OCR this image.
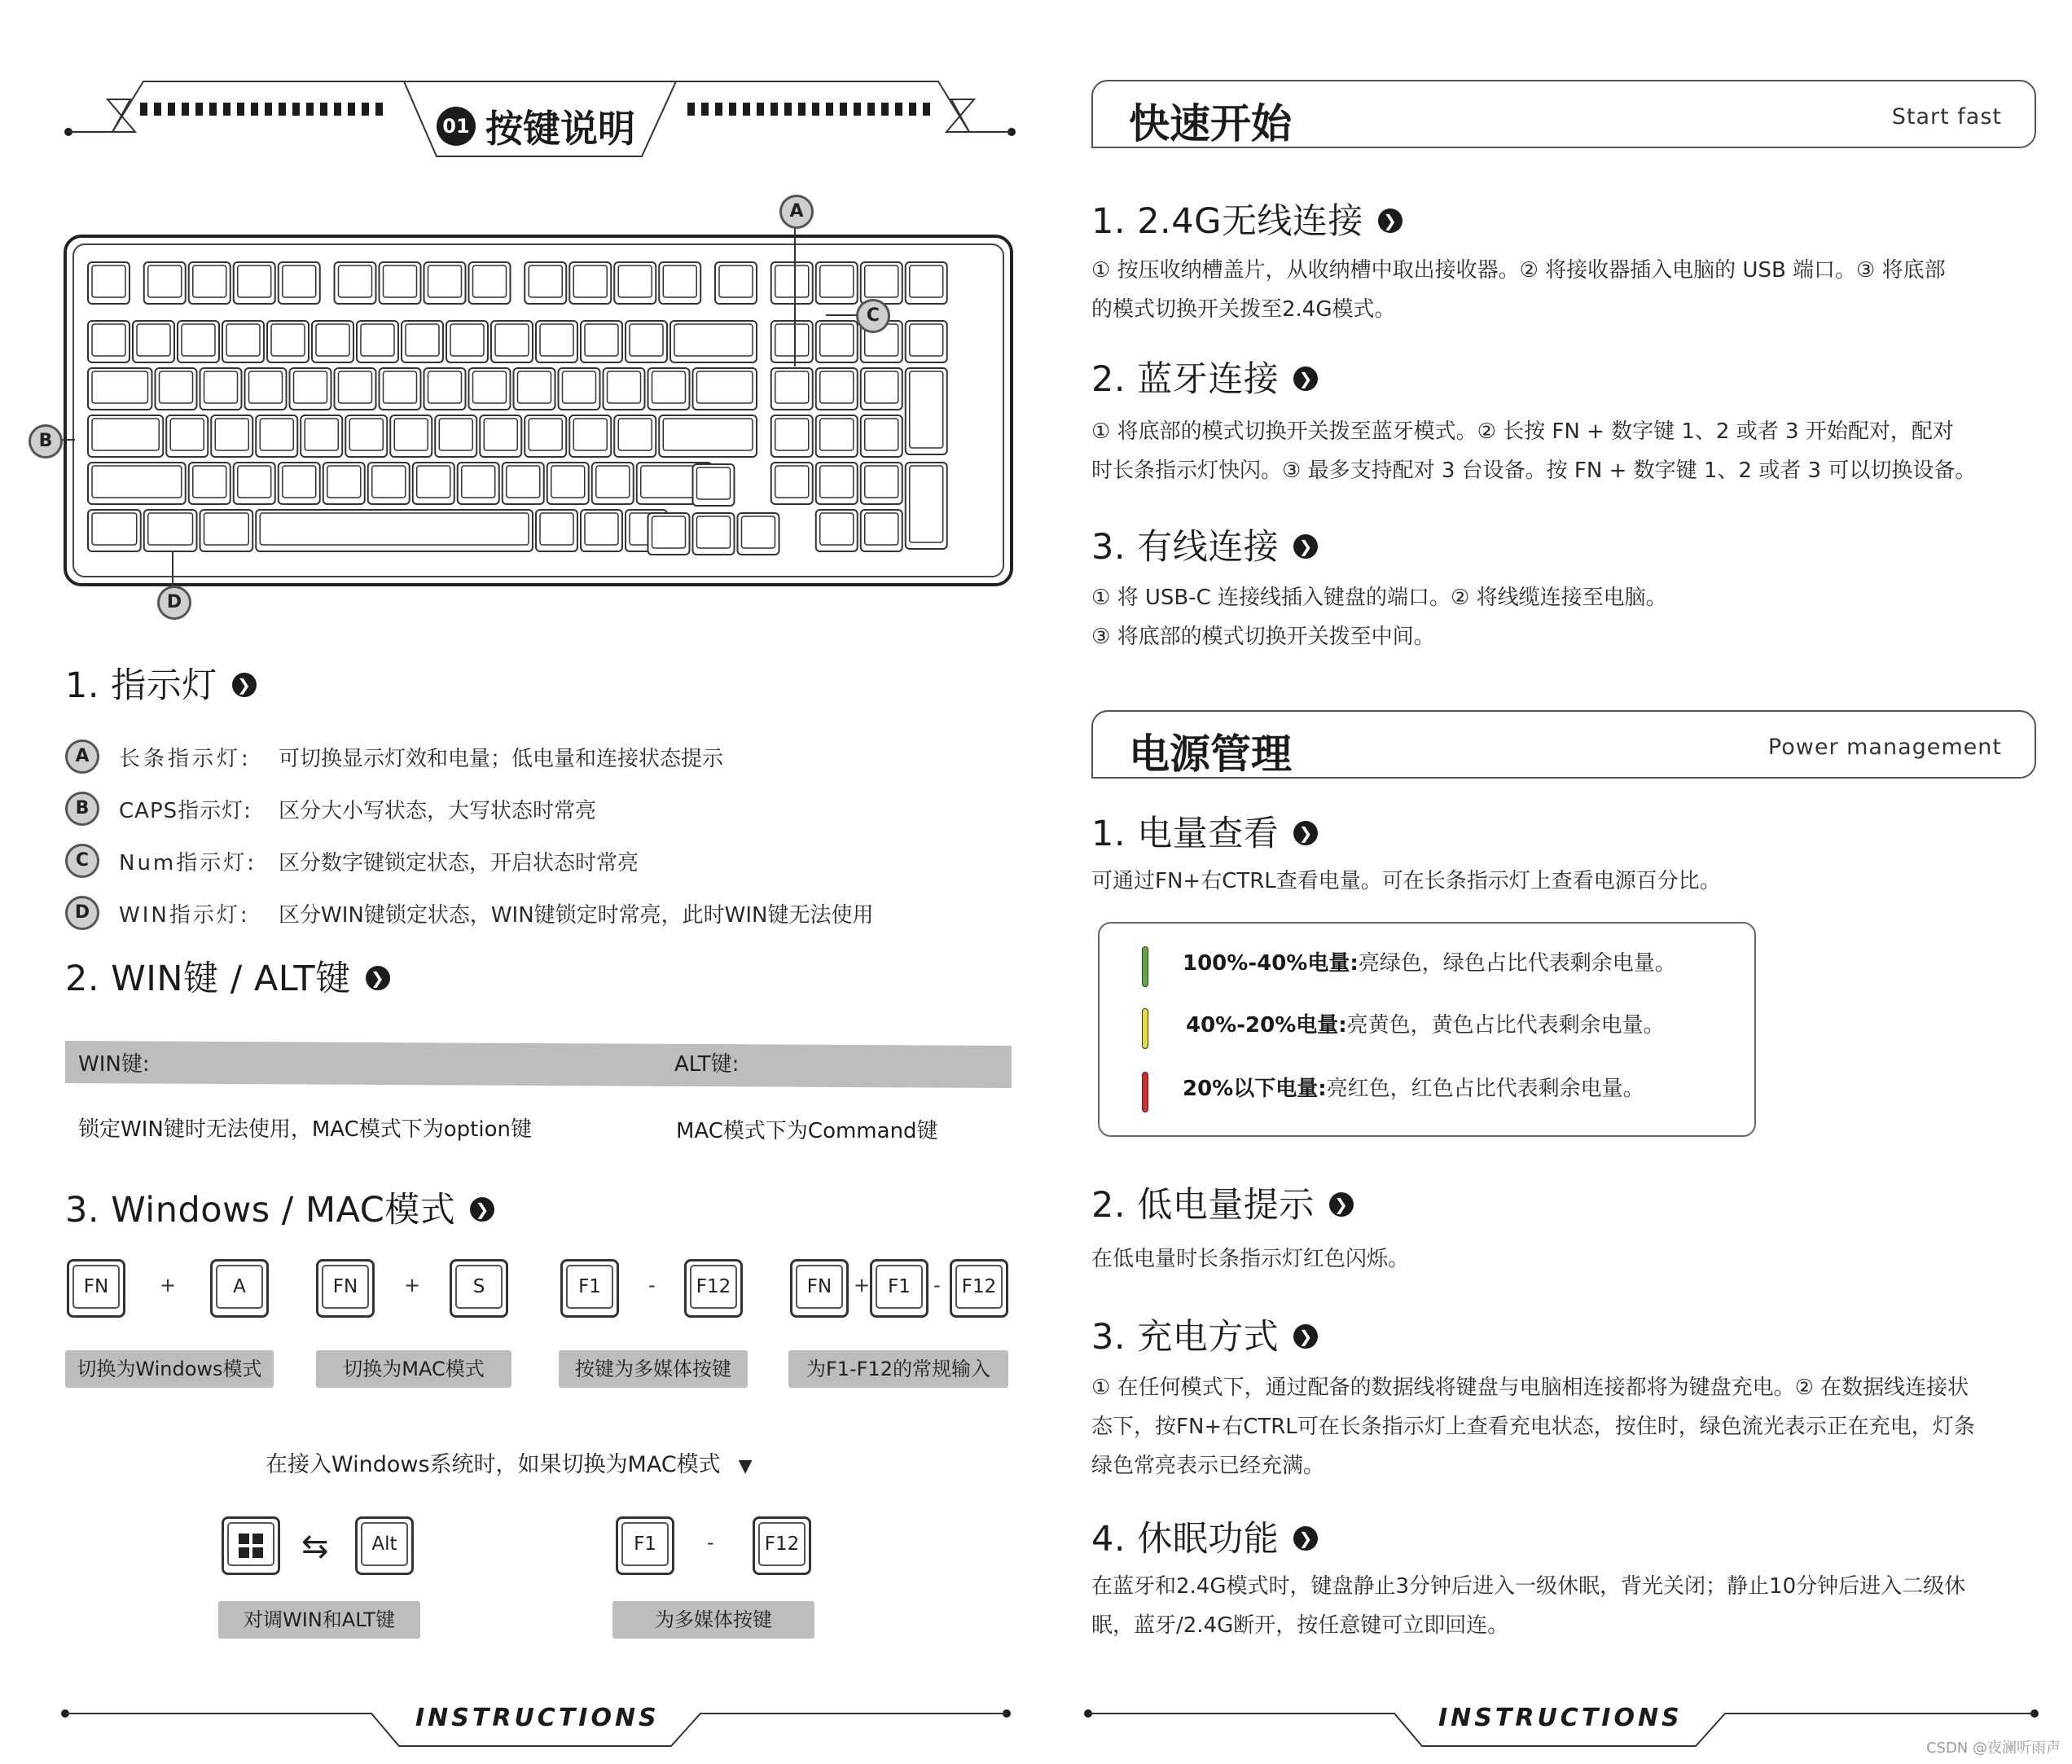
01 按键说明
A
C
B
D
1. 指示灯 ❯
A 长条指示灯: 可切换显示灯效和电量；低电量和连接状态提示
B CAPS指示灯: 区分大小写状态，大写状态时常亮
C Num指示灯: 区分数字键锁定状态，开启状态时常亮
D WIN指示灯: 区分WIN键锁定状态，WIN键锁定时常亮，此时WIN键无法使用
2. WIN键 / ALT键 ❯
WIN键:	ALT键:
锁定WIN键时无法使用，MAC模式下为option键	MAC模式下为Command键
3. Windows / MAC模式 ❯
FN	+	A
切换为Windows模式
FN	+	S
切换为MAC模式
F1	-	F12
按键为多媒体按键
FN	+ F1	-	F12
为F1-F12的常规输入
在接入Windows系统时，如果切换为MAC模式 ▼
⇆	Alt
对调WIN和ALT键
F1	-	F12
为多媒体按键
INSTRUCTIONS
快速开始	Start fast
1. 2.4G无线连接 ❯
① 按压收纳槽盖片，从收纳槽中取出接收器。② 将接收器插入电脑的 USB 端口。③ 将底部
的模式切换开关拨至2.4G模式。
2. 蓝牙连接 ❯
① 将底部的模式切换开关拨至蓝牙模式。② 长按 FN + 数字键 1、2 或者 3 开始配对，配对
时长条指示灯快闪。③ 最多支持配对 3 台设备。按 FN + 数字键 1、2 或者 3 可以切换设备。
3. 有线连接 ❯
① 将 USB-C 连接线插入键盘的端口。② 将线缆连接至电脑。
③ 将底部的模式切换开关拨至中间。
电源管理	Power management
1. 电量查看 ❯
可通过FN+右CTRL查看电量。可在长条指示灯上查看电源百分比。
100%-40%电量:亮绿色，绿色占比代表剩余电量。
40%-20%电量:亮黄色，黄色占比代表剩余电量。
20%以下电量:亮红色，红色占比代表剩余电量。
2. 低电量提示 ❯
在低电量时长条指示灯红色闪烁。
3. 充电方式 ❯
① 在任何模式下，通过配备的数据线将键盘与电脑相连接都将为键盘充电。② 在数据线连接状
态下，按FN+右CTRL可在长条指示灯上查看充电状态，按住时，绿色流光表示正在充电，灯条
绿色常亮表示已经充满。
4. 休眠功能 ❯
在蓝牙和2.4G模式时，键盘静止3分钟后进入一级休眠，背光关闭；静止10分钟后进入二级休
眠，蓝牙/2.4G断开，按任意键可立即回连。
INSTRUCTIONS
CSDN @夜澜听雨声
